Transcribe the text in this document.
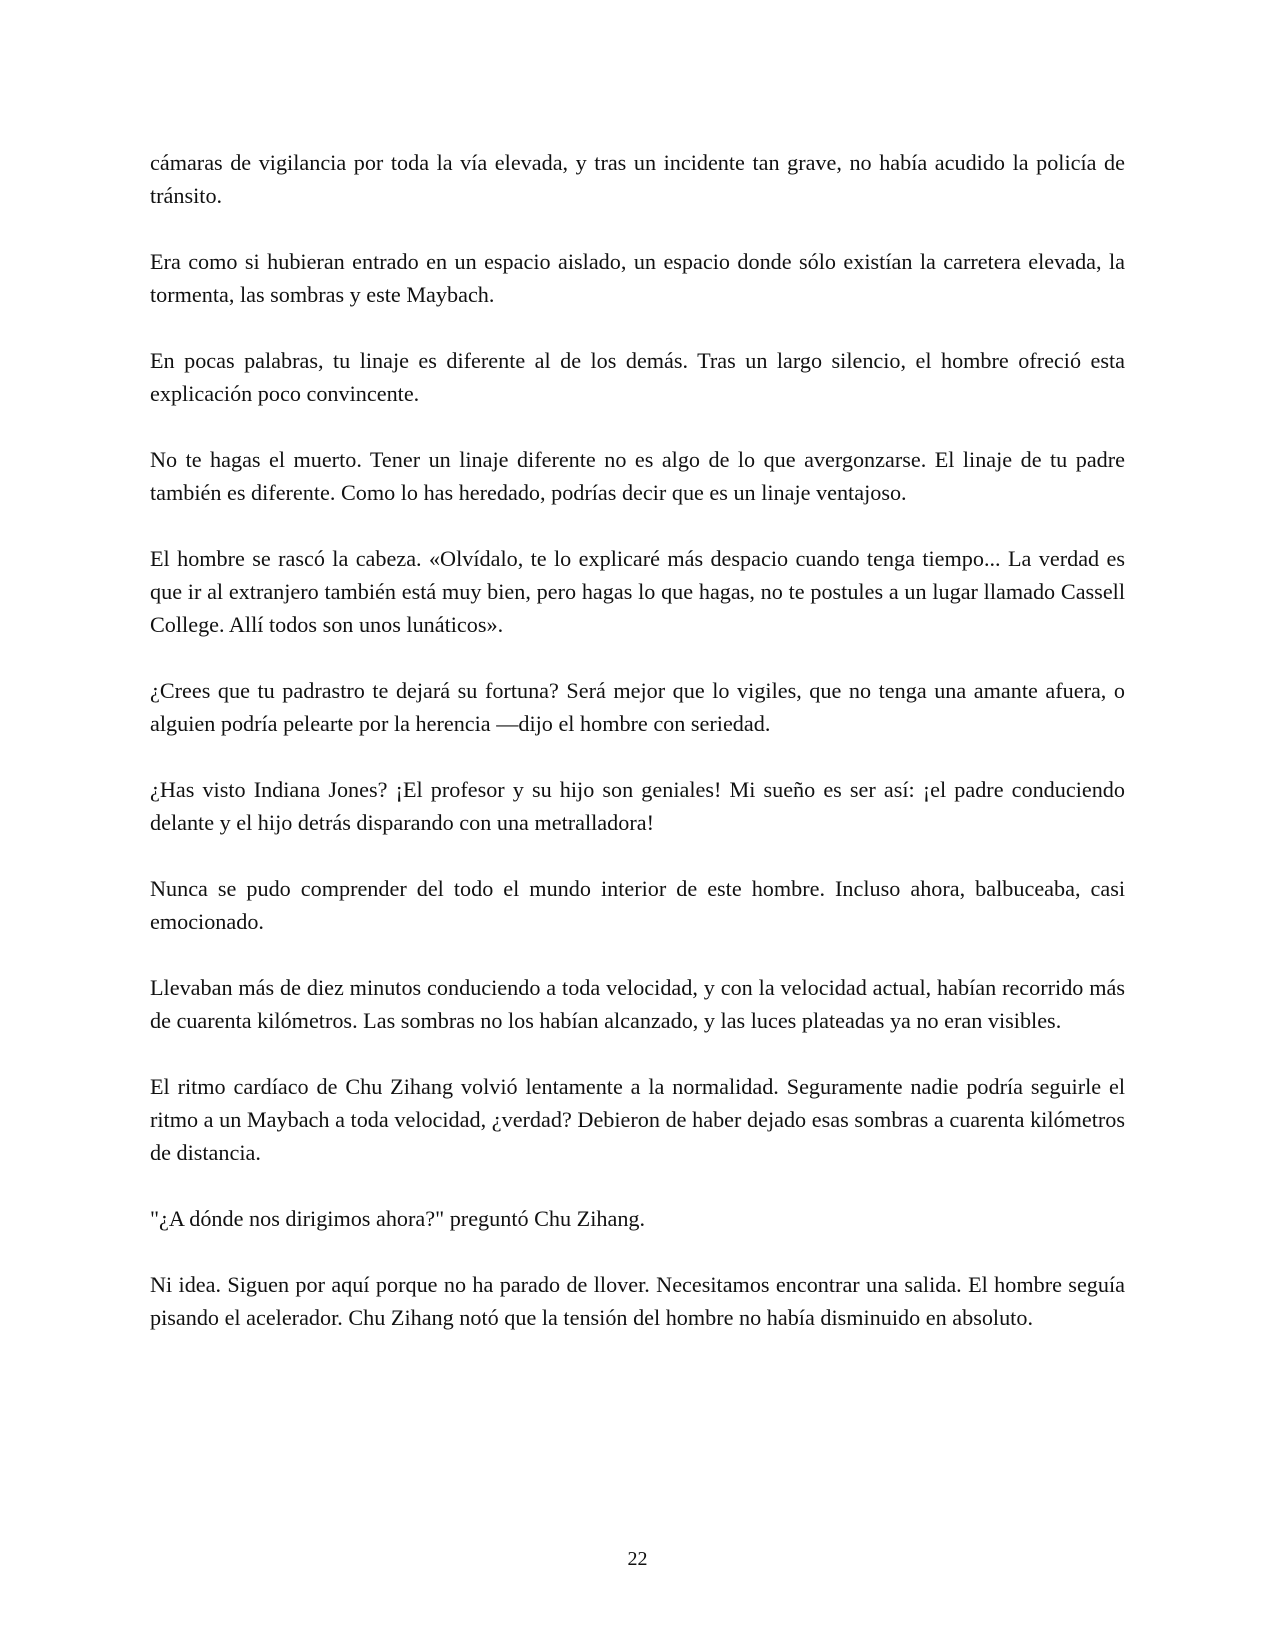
cámaras de vigilancia por toda la vía elevada, y tras un incidente tan grave, no había acudido la policía de tránsito.

Era como si hubieran entrado en un espacio aislado, un espacio donde sólo existían la carretera elevada, la tormenta, las sombras y este Maybach.

En pocas palabras, tu linaje es diferente al de los demás. Tras un largo silencio, el hombre ofreció esta explicación poco convincente.

No te hagas el muerto. Tener un linaje diferente no es algo de lo que avergonzarse. El linaje de tu padre también es diferente. Como lo has heredado, podrías decir que es un linaje ventajoso.

El hombre se rascó la cabeza. «Olvídalo, te lo explicaré más despacio cuando tenga tiempo... La verdad es que ir al extranjero también está muy bien, pero hagas lo que hagas, no te postules a un lugar llamado Cassell College. Allí todos son unos lunáticos».

¿Crees que tu padrastro te dejará su fortuna? Será mejor que lo vigiles, que no tenga una amante afuera, o alguien podría pelearte por la herencia —dijo el hombre con seriedad.

¿Has visto Indiana Jones? ¡El profesor y su hijo son geniales! Mi sueño es ser así: ¡el padre conduciendo delante y el hijo detrás disparando con una metralladora!

Nunca se pudo comprender del todo el mundo interior de este hombre. Incluso ahora, balbuceaba, casi emocionado.

Llevaban más de diez minutos conduciendo a toda velocidad, y con la velocidad actual, habían recorrido más de cuarenta kilómetros. Las sombras no los habían alcanzado, y las luces plateadas ya no eran visibles.

El ritmo cardíaco de Chu Zihang volvió lentamente a la normalidad. Seguramente nadie podría seguirle el ritmo a un Maybach a toda velocidad, ¿verdad? Debieron de haber dejado esas sombras a cuarenta kilómetros de distancia.

"¿A dónde nos dirigimos ahora?" preguntó Chu Zihang.

Ni idea. Siguen por aquí porque no ha parado de llover. Necesitamos encontrar una salida. El hombre seguía pisando el acelerador. Chu Zihang notó que la tensión del hombre no había disminuido en absoluto.

22
